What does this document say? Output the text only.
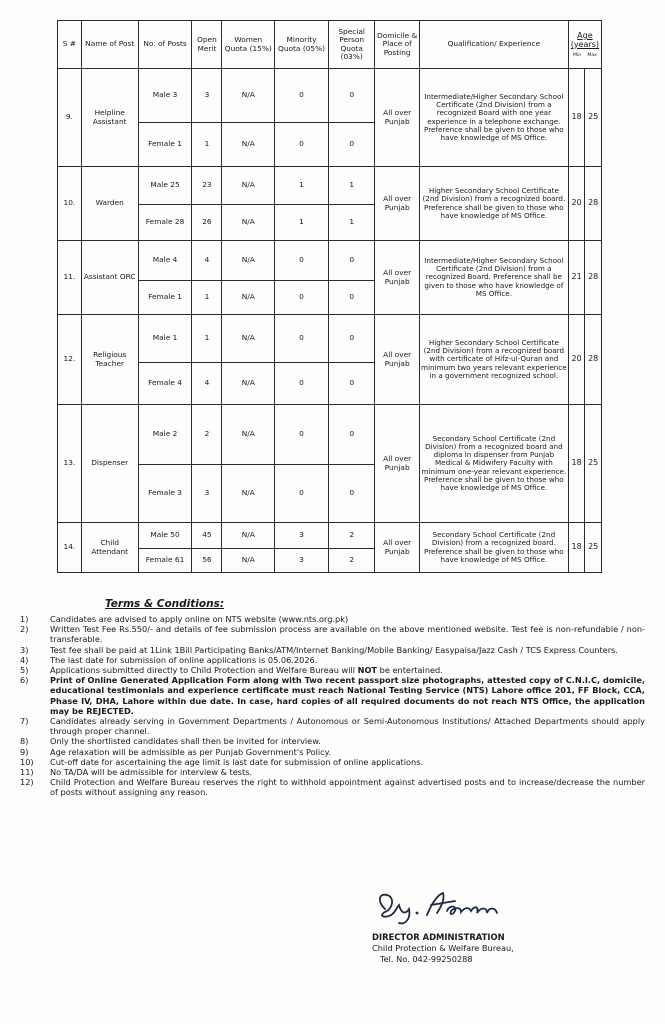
S #	Name of Post	No. of Posts	Open Merit	Women Quota (15%)	Minority Quota (05%)	Special Person Quota (03%)	Domicile & Place of Posting	Qualification/ Experience	Age (years)
Min Max	

9.	Helpline Assistant	Male 3	3	N/A	0	0	All over Punjab	Intermediate/Higher Secondary School Certificate (2nd Division) from a recognized Board with one year experience in a telephone exchange. Preference shall be given to those who have knowledge of MS Office.	18	25
		Female 1	1	N/A	0	0				
10.	Warden	Male 25	23	N/A	1	1	All over Punjab	Higher Secondary School Certificate (2nd Division) from a recognized board. Preference shall be given to those who have knowledge of MS Office.	20	28
		Female 28	26	N/A	1	1				
11.	Assistant ORC	Male 4	4	N/A	0	0	All over Punjab	Intermediate/Higher Secondary School Certificate (2nd Division) from a recognized Board. Preference shall be given to those who have knowledge of MS Office.	21	28
		Female 1	1	N/A	0	0				
12.	Religious Teacher	Male 1	1	N/A	0	0	All over Punjab	Higher Secondary School Certificate (2nd Division) from a recognized board with certificate of Hifz-ul-Quran and minimum two years relevant experience in a government recognized school.	20	28
		Female 4	4	N/A	0	0				
13.	Dispenser	Male 2	2	N/A	0	0	All over Punjab	Secondary School Certificate (2nd Division) from a recognized board and diploma in dispenser from Punjab Medical & Midwifery Faculty with minimum one-year relevant experience. Preference shall be given to those who have knowledge of MS Office.	18	25
		Female 3	3	N/A	0	0				
14.	Child Attendant	Male 50	45	N/A	3	2	All over Punjab	Secondary School Certificate (2nd Division) from a recognized board. Preference shall be given to those who have knowledge of MS Office.	18	25
		Female 61	56	N/A	3	2				
Terms & Conditions:
1)	Candidates are advised to apply online on NTS website (www.nts.org.pk)
2)	Written Test Fee Rs.550/- and details of fee submission process are available on the above mentioned website. Test fee is non-refundable / non-transferable.
3)	Test fee shall be paid at 1Link 1Bill Participating Banks/ATM/Internet Banking/Mobile Banking/ Easypaisa/Jazz Cash / TCS Express Counters.
4)	The last date for submission of online applications is 05.06.2026.
5)	Applications submitted directly to Child Protection and Welfare Bureau will NOT be entertained.
6)	Print of Online Generated Application Form along with Two recent passport size photographs, attested copy of C.N.I.C, domicile, educational testimonials and experience certificate must reach National Testing Service (NTS) Lahore office 201, FF Block, CCA, Phase IV, DHA, Lahore within due date. In case, hard copies of all required documents do not reach NTS Office, the application may be REJECTED.
7)	Candidates already serving in Government Departments / Autonomous or Semi-Autonomous Institutions/ Attached Departments should apply through proper channel.
8)	Only the shortlisted candidates shall then be invited for interview.
9)	Age relaxation will be admissible as per Punjab Government's Policy.
10)	Cut-off date for ascertaining the age limit is last date for submission of online applications.
11)	No TA/DA will be admissible for interview & tests.
12)	Child Protection and Welfare Bureau reserves the right to withhold appointment against advertised posts and to increase/decrease the number of posts without assigning any reason.
DIRECTOR ADMINISTRATION
Child Protection & Welfare Bureau,
Tel. No. 042-99250288
